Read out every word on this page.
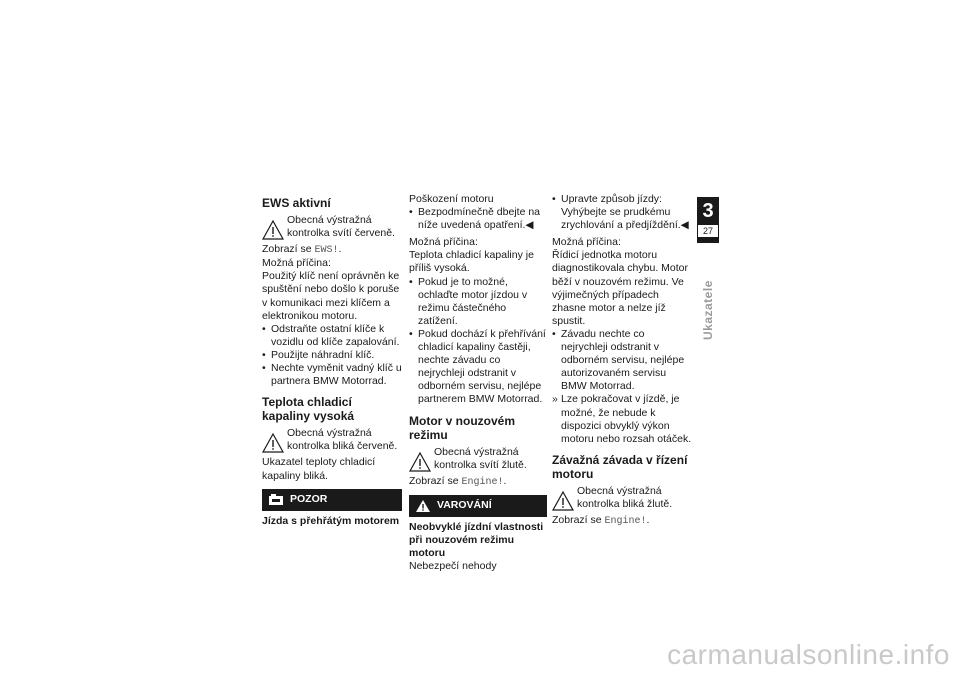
EWS aktivní
Obecná výstražná kontrolka svítí červeně.

Zobrazí se EWS!.

Možná příčina:

Použitý klíč není oprávněn ke spuštění nebo došlo k poruše v komunikaci mezi klíčem a elektronikou motoru.

• Odstraňte ostatní klíče k vozidlu od klíče zapalování.
• Použijte náhradní klíč.
• Nechte vyměnit vadný klíč u partnera BMW Motorrad.
Teplota chladicí kapaliny vysoká
Obecná výstražná kontrolka bliká červeně.

Ukazatel teploty chladicí kapaliny bliká.

POZOR

Jízda s přehřátým motorem

Poškození motoru

• Bezpodmínečně dbejte na níže uvedená opatření.◀

Možná příčina:

Teplota chladicí kapaliny je příliš vysoká.

• Pokud je to možné, ochlaďte motor jízdou v režimu částečného zatížení.
• Pokud dochází k přehřívání chladicí kapaliny častěji, nechte závadu co nejrychleji odstranit v odborném servisu, nejlépe partnerem BMW Motorrad.
Motor v nouzovém režimu
Obecná výstražná kontrolka svítí žlutě.

Zobrazí se Engine!.

VAROVÁNÍ

Neobvyklé jízdní vlastnosti při nouzovém režimu motoru

Nebezpečí nehody

• Upravte způsob jízdy: Vyhýbejte se prudkému zrychlování a předjíždění.◀

Možná příčina:

Řídicí jednotka motoru diagnostikovala chybu. Motor běží v nouzovém režimu. Ve výjimečných případech zhasne motor a nelze jíž spustit.

• Závadu nechte co nejrychleji odstranit v odborném servisu, nejlépe autorizovaném servisu BMW Motorrad.
» Lze pokračovat v jízdě, je možné, že nebude k dispozici obvyklý výkon motoru nebo rozsah otáček.
Závažná závada v řízení motoru
Obecná výstražná kontrolka bliká žlutě.

Zobrazí se Engine!.

3
27
Ukazatele
carmanualsonline.info
